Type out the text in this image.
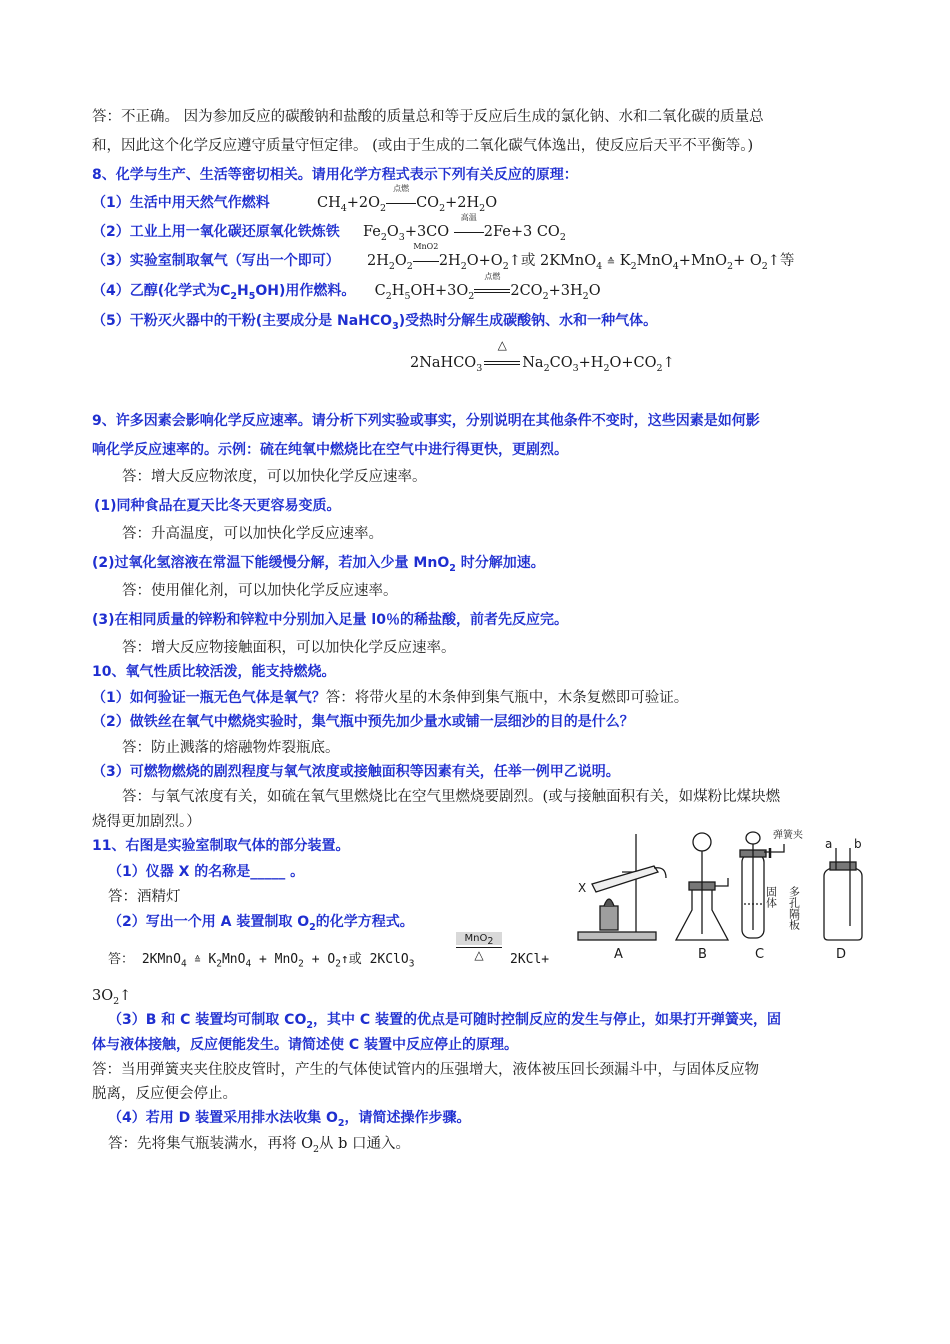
答：不正确。 因为参加反应的碳酸钠和盐酸的质量总和等于反应后生成的氯化钠、水和二氧化碳的质量总
和，因此这个化学反应遵守质量守恒定律。 (或由于生成的二氧化碳气体逸出，使反应后天平不平衡等。)
8、化学与生产、生活等密切相关。请用化学方程式表示下列有关反应的原理：
（1）生活中用天然气作燃料	$CH_4+2O_2$
点燃
$CO_2+2H_2O$
（2）工业上用一氧化碳还原氧化铁炼铁 $Fe_2O_3+3CO$
高温
2Fe+3 $CO_2$
（3）实验室制取氧气（写出一个即可） $2H_2O_2$
MnO2
$2H_2O+O_2↑$或 2KMnO$_4$ ≙ $K_2MnO_4+MnO_2+$ $O_2↑$等
（4）乙醇(化学式为$C_2H_5OH$)用作燃料。 $C_2H_5OH+3O_2$
点燃
$2CO_2+3H_2O$
（5）干粉灭火器中的干粉(主要成分是 NaHCO$_3$)受热时分解生成碳酸钠、水和一种气体。
2NaHCO$_3$
△
$Na_2CO_3+H_2O+CO_2↑$
9、许多因素会影响化学反应速率。请分析下列实验或事实，分别说明在其他条件不变时，这些因素是如何影
响化学反应速率的。示例：硫在纯氧中燃烧比在空气中进行得更快，更剧烈。
答：增大反应物浓度，可以加快化学反应速率。
(1)同种食品在夏天比冬天更容易变质。
答：升高温度，可以加快化学反应速率。
(2)过氧化氢溶液在常温下能缓慢分解，若加入少量 MnO$_2$ 时分解加速。
答：使用催化剂，可以加快化学反应速率。
(3)在相同质量的锌粉和锌粒中分别加入足量 l0％的稀盐酸，前者先反应完。
答：增大反应物接触面积，可以加快化学反应速率。
10、氧气性质比较活泼，能支持燃烧。
（1）如何验证一瓶无色气体是氧气？答：将带火星的木条伸到集气瓶中，木条复燃即可验证。
（2）做铁丝在氧气中燃烧实验时，集气瓶中预先加少量水或铺一层细沙的目的是什么？
答：防止溅落的熔融物炸裂瓶底。
（3）可燃物燃烧的剧烈程度与氧气浓度或接触面积等因素有关，任举一例甲乙说明。
答：与氧气浓度有关，如硫在氧气里燃烧比在空气里燃烧要剧烈。(或与接触面积有关，如煤粉比煤块燃
烧得更加剧烈。）
11、右图是实验室制取气体的部分装置。
（1）仪器 X 的名称是_____ 。
答：酒精灯
（2）写出一个用 A 装置制取 $O_2$的化学方程式。
答： 2KMnO$_4$ ≙ $K_2MnO_4 + MnO_2$ + $O_2↑$或 2KClO$_3$
MnO$_2$
△	2KCl+
$3O_2↑$
（3）B 和 C 装置均可制取 $CO_2$，其中 C 装置的优点是可随时控制反应的发生与停止，如果打开弹簧夹，固
体与液体接触，反应便能发生。请简述使 C 装置中反应停止的原理。
答：当用弹簧夹夹住胶皮管时，产生的气体使试管内的压强增大，液体被压回长颈漏斗中，与固体反应物
脱离，反应便会停止。
（4）若用 D 装置采用排水法收集 $O_2$，请简述操作步骤。
答：先将集气瓶装满水，再将 $O_2$从 b 口通入。
X
A	B
弹簧夹
C
a b
D
固体 多孔隔板
